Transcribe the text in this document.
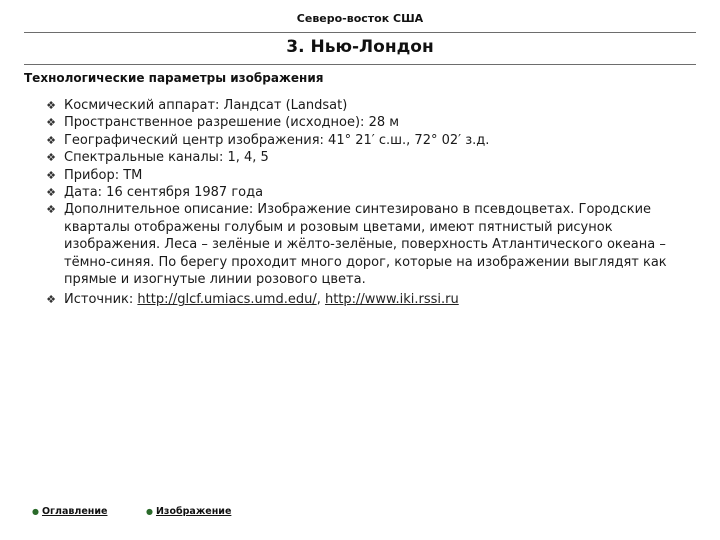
Северо-восток США
3. Нью-Лондон
Технологические параметры изображения
❖ Космический аппарат: Ландсат (Landsat)
❖ Пространственное разрешение (исходное): 28 м
❖ Географический центр изображения: 41° 21′ с.ш., 72° 02′ з.д.
❖ Спектральные каналы: 1, 4, 5
❖ Прибор: ТМ
❖ Дата: 16 сентября 1987 года
❖ Дополнительное описание: Изображение синтезировано в псевдоцветах. Городские кварталы отображены голубым и розовым цветами, имеют пятнистый рисунок изображения. Леса – зелёные и жёлто-зелёные, поверхность Атлантического океана – тёмно-синяя. По берегу проходит много дорог, которые на изображении выглядят как прямые и изогнутые линии розового цвета.
❖ Источник: http://glcf.umiacs.umd.edu/, http://www.iki.rssi.ru
● Оглавление	● Изображение
